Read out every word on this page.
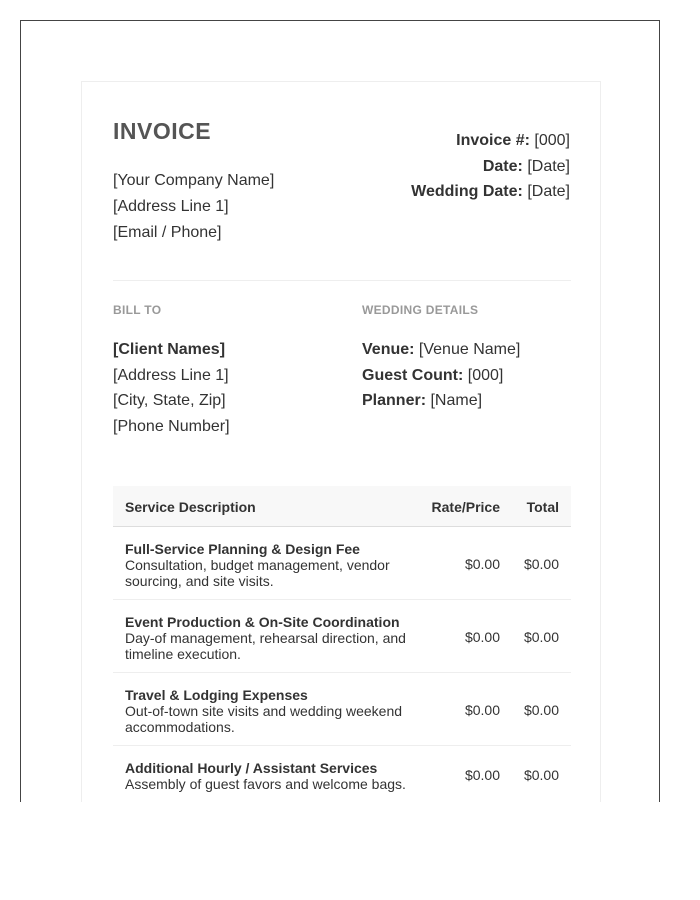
INVOICE
[Your Company Name]
[Address Line 1]
[Email / Phone]
Invoice #: [000]
Date: [Date]
Wedding Date: [Date]
BILL TO	WEDDING DETAILS
[Client Names]
[Address Line 1]
[City, State, Zip]
[Phone Number]
Venue: [Venue Name]
Guest Count: [000]
Planner: [Name]
Service Description	Rate/Price Total
Full-Service Planning & Design Fee
Consultation, budget management, vendor
sourcing, and site visits.
$0.00 $0.00
Event Production & On-Site Coordination
Day-of management, rehearsal direction, and
timeline execution.
$0.00 $0.00
Travel & Lodging Expenses
Out-of-town site visits and wedding weekend
accommodations.
$0.00 $0.00
Additional Hourly / Assistant Services
Assembly of guest favors and welcome bags.
$0.00 $0.00
